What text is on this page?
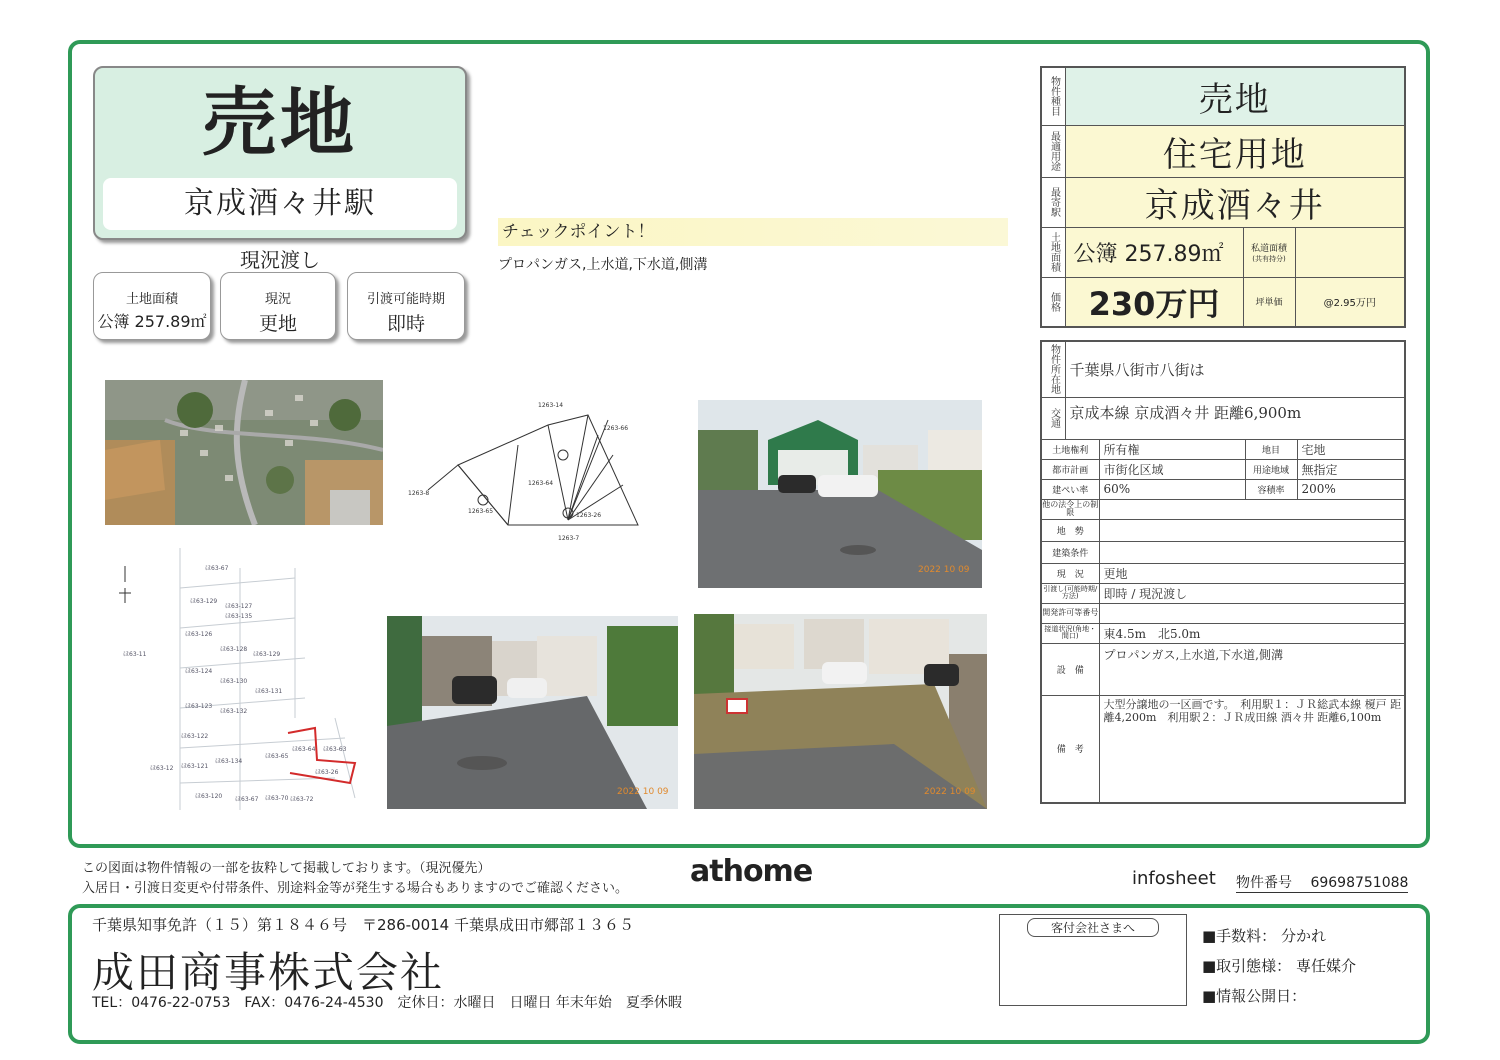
売地
京成酒々井駅
現況渡し
土地面積
公簿 257.89㎡
現況
更地
引渡可能時期
即時
チェックポイント！
プロパンガス,上水道,下水道,側溝
1263-64
1263-65
1263-66
1263-26
1263-7
1263-8
1263-14
2022 10 09
ほ63-67
ほ63-129
ほ63-127
ほ63-135
ほ63-126
ほ63-128
ほ63-129
ほ63-11
ほ63-124
ほ63-130
ほ63-131
ほ63-123
ほ63-132
ほ63-122
ほ63-64 ほ63-63
ほ63-65
ほ63-121
ほ63-134
ほ63-12
ほ63-26
ほ63-120 ほ63-67 ほ63-70 ほ63-72
2022 10 09	2022 10 09
物件種目	売地		
最適用途	住宅用地		
最寄駅	京成酒々井		
土地面積	公簿 257.89㎡	私道面積
(共有持分)	

価格	230万円	坪単価	@2.95万円
物件所在地	千葉県八街市八街は			
交通	京成本線 京成酒々井 距離6,900m			
土地権利		所有権	地目	宅地
都市計画		市街化区域	用途地域	無指定
建ぺい率		60%	容積率	200%
他の法令上の制限				
地　勢				
建築条件				
現　況		更地		
引渡し(可能時期/方法)		即時 / 現況渡し		
開発許可等番号				
接道状況(角地・間口)		東4.5m　北5.0m		
設　備		プロパンガス,上水道,下水道,側溝		
備　考		大型分譲地の一区画です。　利用駅１：ＪＲ総武本線 榎戸 距離4,200m　利用駅２：ＪＲ成田線 酒々井 距離6,100m		
この図面は物件情報の一部を抜粋して掲載しております。（現況優先）
入居日・引渡日変更や付帯条件、別途料金等が発生する場合もありますのでご確認ください。 athome	infosheet 物件番号 69698751088
千葉県知事免許（１５）第１８４６号　〒286-0014 千葉県成田市郷部１３６５
成田商事株式会社
TEL：0476-22-0753　FAX：0476-24-4530　定休日：水曜日　日曜日 年末年始　夏季休暇
客付会社さまへ	■手数料： 分かれ
■取引態様： 専任媒介
■情報公開日：
